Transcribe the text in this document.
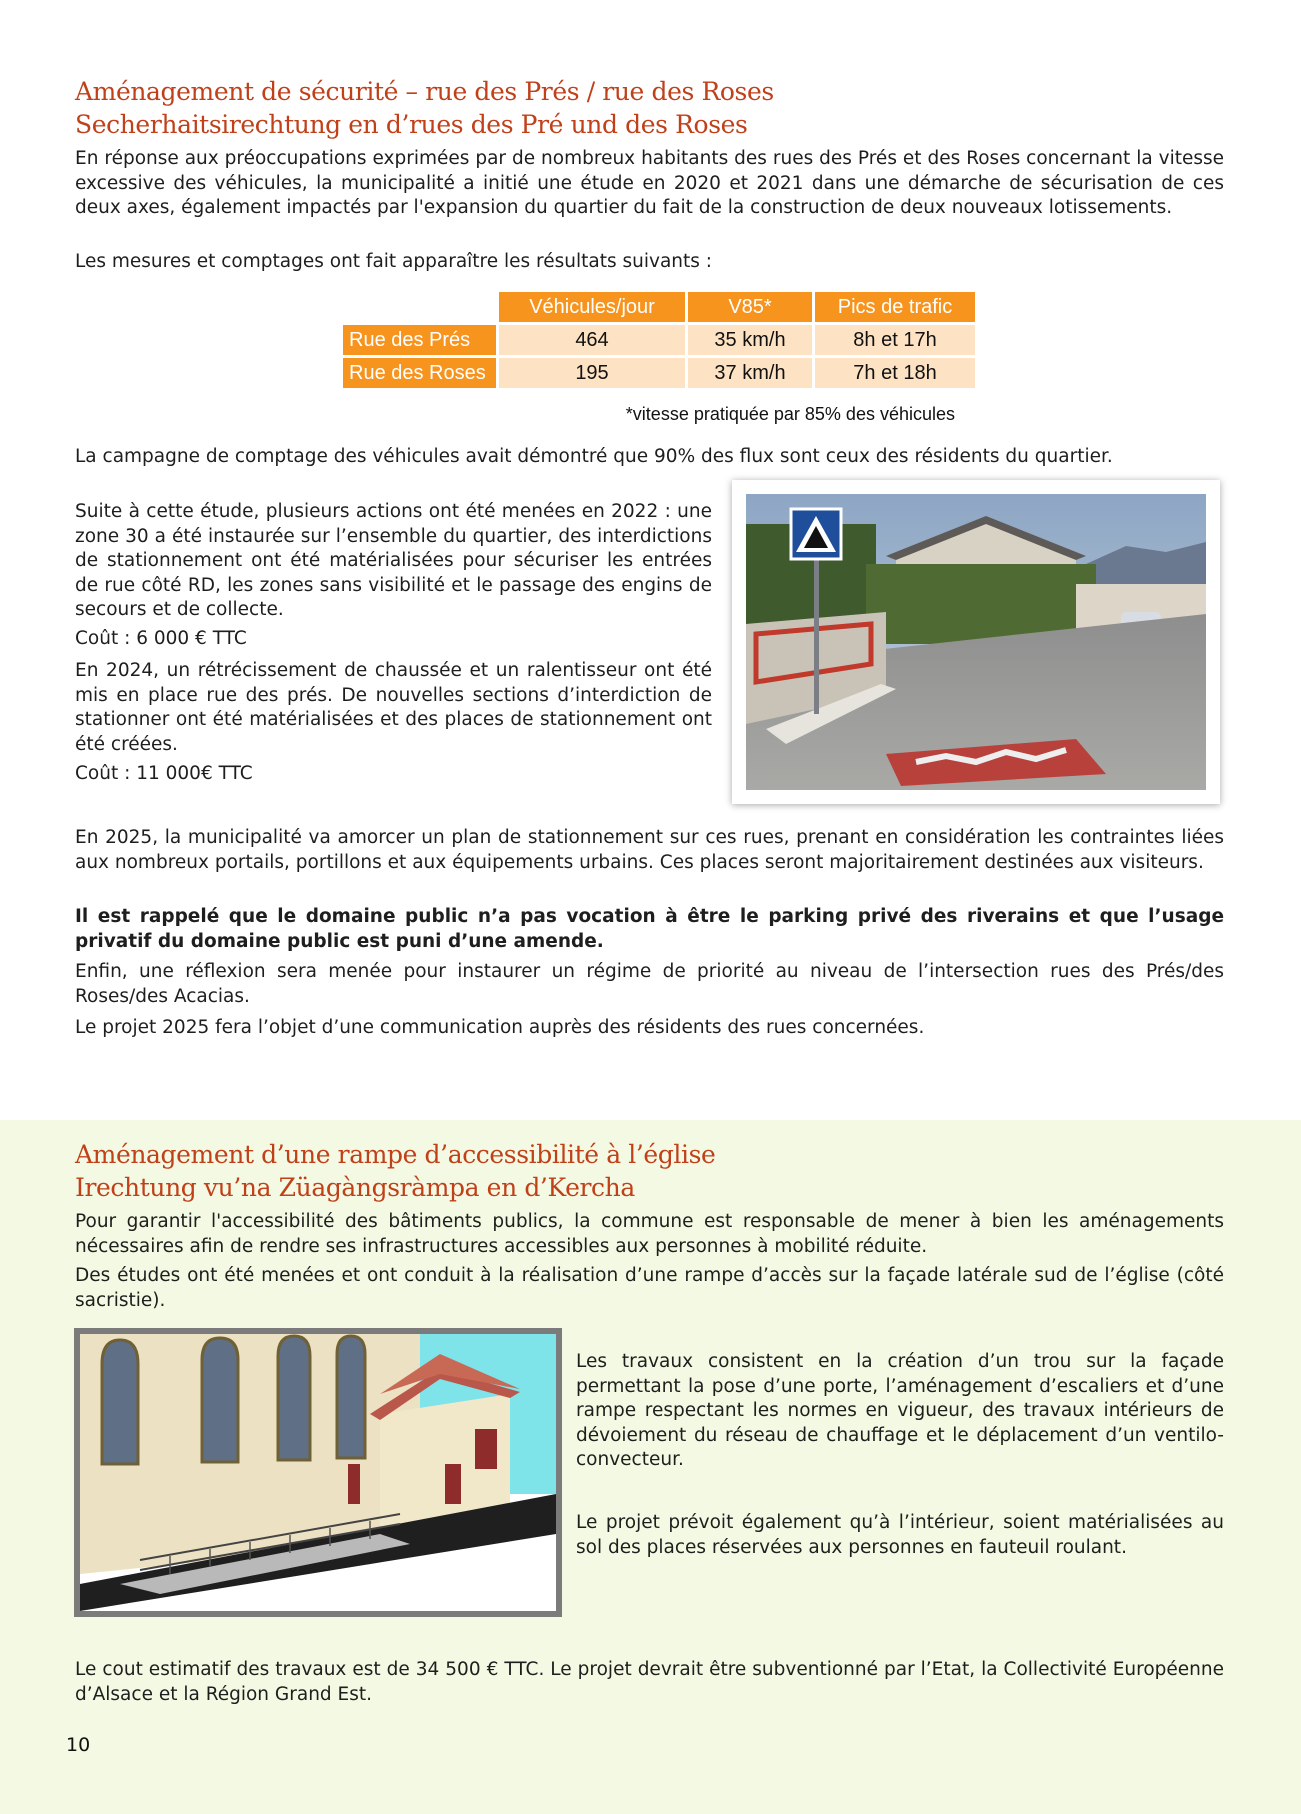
Aménagement de sécurité – rue des Prés / rue des Roses
Secherhaitsirechtung en d’rues des Pré und des Roses

En réponse aux préoccupations exprimées par de nombreux habitants des rues des Prés et des Roses concernant la vitesse excessive des véhicules, la municipalité a initié une étude en 2020 et 2021 dans une démarche de sécurisation de ces deux axes, également impactés par l'expansion du quartier du fait de la construction de deux nouveaux lotissements.

Les mesures et comptages ont fait apparaître les résultats suivants :

	Véhicules/jour	V85*	Pics de trafic
Rue des Prés	464	35 km/h	8h et 17h
Rue des Roses	195	37 km/h	7h et 18h
*vitesse pratiquée par 85% des véhicules

La campagne de comptage des véhicules avait démontré que 90% des flux sont ceux des résidents du quartier.

Suite à cette étude, plusieurs actions ont été menées en 2022 : une zone 30 a été instaurée sur l’ensemble du quartier, des interdictions de stationnement ont été matérialisées pour sécuriser les entrées de rue côté RD, les zones sans visibilité et le passage des engins de secours et de collecte.

Coût : 6 000 € TTC

En 2024, un rétrécissement de chaussée et un ralentisseur ont été mis en place rue des prés. De nouvelles sections d’interdiction de stationner ont été matérialisées et des places de stationnement ont été créées.

Coût : 11 000€ TTC

En 2025, la municipalité va amorcer un plan de stationnement sur ces rues, prenant en considération les contraintes liées aux nombreux portails, portillons et aux équipements urbains. Ces places seront majoritairement destinées aux visiteurs.

Il est rappelé que le domaine public n’a pas vocation à être le parking privé des riverains et que l’usage privatif du domaine public est puni d’une amende.

Enfin, une réflexion sera menée pour instaurer un régime de priorité au niveau de l’intersection rues des Prés/des Roses/des Acacias.

Le projet 2025 fera l’objet d’une communication auprès des résidents des rues concernées.

Aménagement d’une rampe d’accessibilité à l’église
Irechtung vu’na Züagàngsràmpa en d’Kercha

Pour garantir l'accessibilité des bâtiments publics, la commune est responsable de mener à bien les aménagements nécessaires afin de rendre ses infrastructures accessibles aux personnes à mobilité réduite.

Des études ont été menées et ont conduit à la réalisation d’une rampe d’accès sur la façade latérale sud de l’église (côté sacristie).

Les travaux consistent en la création d’un trou sur la façade permettant la pose d’une porte, l’aménagement d’escaliers et d’une rampe respectant les normes en vigueur, des travaux intérieurs de dévoiement du réseau de chauffage et le déplacement d’un ventilo-convecteur.

Le projet prévoit également qu’à l’intérieur, soient matérialisées au sol des places réservées aux personnes en fauteuil roulant.

Le cout estimatif des travaux est de 34 500 € TTC. Le projet devrait être subventionné par l’Etat, la Collectivité Européenne d’Alsace et la Région Grand Est.

10
